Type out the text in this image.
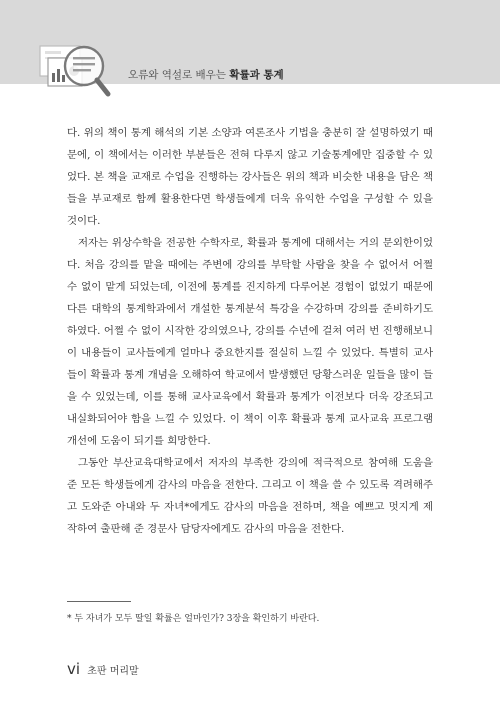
오류와 역설로 배우는 확률과 통계

다. 위의 책이 통계 해석의 기본 소양과 여론조사 기법을 충분히 잘 설명하였기 때문에, 이 책에서는 이러한 부분들은 전혀 다루지 않고 기술통계에만 집중할 수 있었다. 본 책을 교재로 수업을 진행하는 강사들은 위의 책과 비슷한 내용을 담은 책들을 부교재로 함께 활용한다면 학생들에게 더욱 유익한 수업을 구성할 수 있을 것이다.

저자는 위상수학을 전공한 수학자로, 확률과 통계에 대해서는 거의 문외한이었다. 처음 강의를 맡을 때에는 주변에 강의를 부탁할 사람을 찾을 수 없어서 어쩔 수 없이 맡게 되었는데, 이전에 통계를 진지하게 다루어본 경험이 없었기 때문에 다른 대학의 통계학과에서 개설한 통계분석 특강을 수강하며 강의를 준비하기도 하였다. 어쩔 수 없이 시작한 강의였으나, 강의를 수년에 걸쳐 여러 번 진행해보니 이 내용들이 교사들에게 얼마나 중요한지를 절실히 느낄 수 있었다. 특별히 교사들이 확률과 통계 개념을 오해하여 학교에서 발생했던 당황스러운 일들을 많이 들을 수 있었는데, 이를 통해 교사교육에서 확률과 통계가 이전보다 더욱 강조되고 내실화되어야 함을 느낄 수 있었다. 이 책이 이후 확률과 통계 교사교육 프로그램 개선에 도움이 되기를 희망한다.

그동안 부산교육대학교에서 저자의 부족한 강의에 적극적으로 참여해 도움을 준 모든 학생들에게 감사의 마음을 전한다. 그리고 이 책을 쓸 수 있도록 격려해주고 도와준 아내와 두 자녀*에게도 감사의 마음을 전하며, 책을 예쁘고 멋지게 제작하여 출판해 준 경문사 담당자에게도 감사의 마음을 전한다.

* 두 자녀가 모두 딸일 확률은 얼마인가? 3장을 확인하기 바란다.
vi 초판 머리말
